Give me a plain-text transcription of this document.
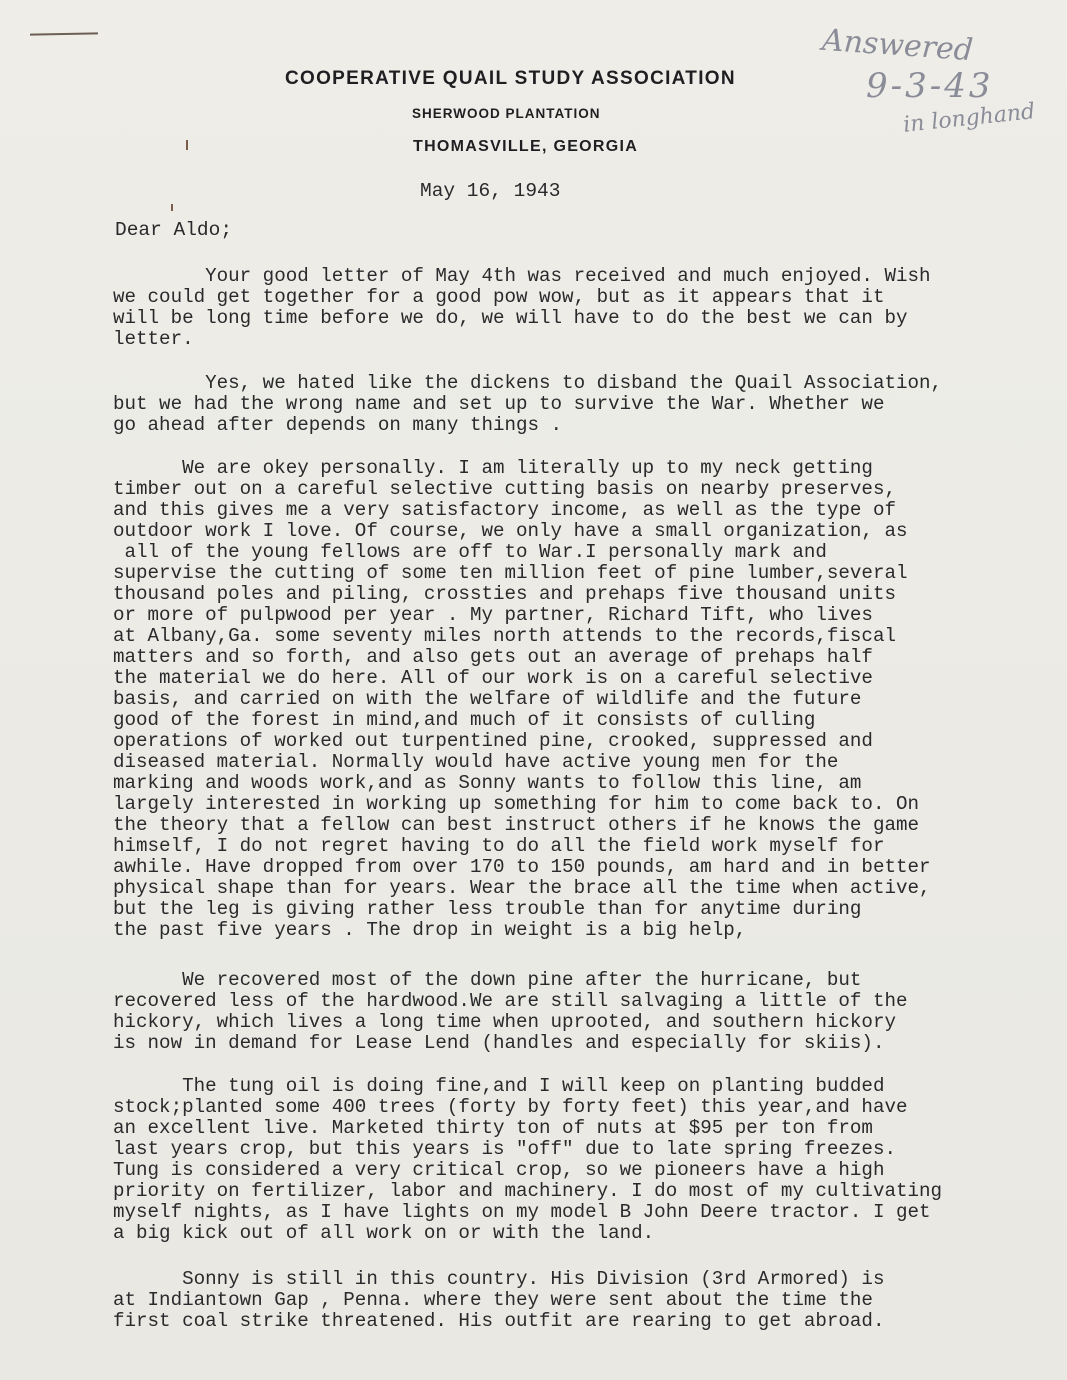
COOPERATIVE QUAIL STUDY ASSOCIATION
SHERWOOD PLANTATION
THOMASVILLE, GEORGIA
Answered
9-3-43
in longhand
May 16, 1943
Dear Aldo;
Your good letter of May 4th was received and much enjoyed. Wish
we could get together for a good pow wow, but as it appears that it
will be long time before we do, we will have to do the best we can by
letter.
Yes, we hated like the dickens to disband the Quail Association,
but we had the wrong name and set up to survive the War. Whether we
go ahead after depends on many things .
We are okey personally. I am literally up to my neck getting
timber out on a careful selective cutting basis on nearby preserves,
and this gives me a very satisfactory income, as well as the type of
outdoor work I love. Of course, we only have a small organization, as
all of the young fellows are off to War.I personally mark and
supervise the cutting of some ten million feet of pine lumber,several
thousand poles and piling, crossties and prehaps five thousand units
or more of pulpwood per year . My partner, Richard Tift, who lives
at Albany,Ga. some seventy miles north attends to the records,fiscal
matters and so forth, and also gets out an average of prehaps half
the material we do here. All of our work is on a careful selective
basis, and carried on with the welfare of wildlife and the future
good of the forest in mind,and much of it consists of culling
operations of worked out turpentined pine, crooked, suppressed and
diseased material. Normally would have active young men for the
marking and woods work,and as Sonny wants to follow this line, am
largely interested in working up something for him to come back to. On
the theory that a fellow can best instruct others if he knows the game
himself, I do not regret having to do all the field work myself for
awhile. Have dropped from over 170 to 150 pounds, am hard and in better
physical shape than for years. Wear the brace all the time when active,
but the leg is giving rather less trouble than for anytime during
the past five years . The drop in weight is a big help,
We recovered most of the down pine after the hurricane, but
recovered less of the hardwood.We are still salvaging a little of the
hickory, which lives a long time when uprooted, and southern hickory
is now in demand for Lease Lend (handles and especially for skiis).
The tung oil is doing fine,and I will keep on planting budded
stock;planted some 400 trees (forty by forty feet) this year,and have
an excellent live. Marketed thirty ton of nuts at $95 per ton from
last years crop, but this years is "off" due to late spring freezes.
Tung is considered a very critical crop, so we pioneers have a high
priority on fertilizer, labor and machinery. I do most of my cultivating
myself nights, as I have lights on my model B John Deere tractor. I get
a big kick out of all work on or with the land.
Sonny is still in this country. His Division (3rd Armored) is
at Indiantown Gap , Penna. where they were sent about the time the
first coal strike threatened. His outfit are rearing to get abroad.
